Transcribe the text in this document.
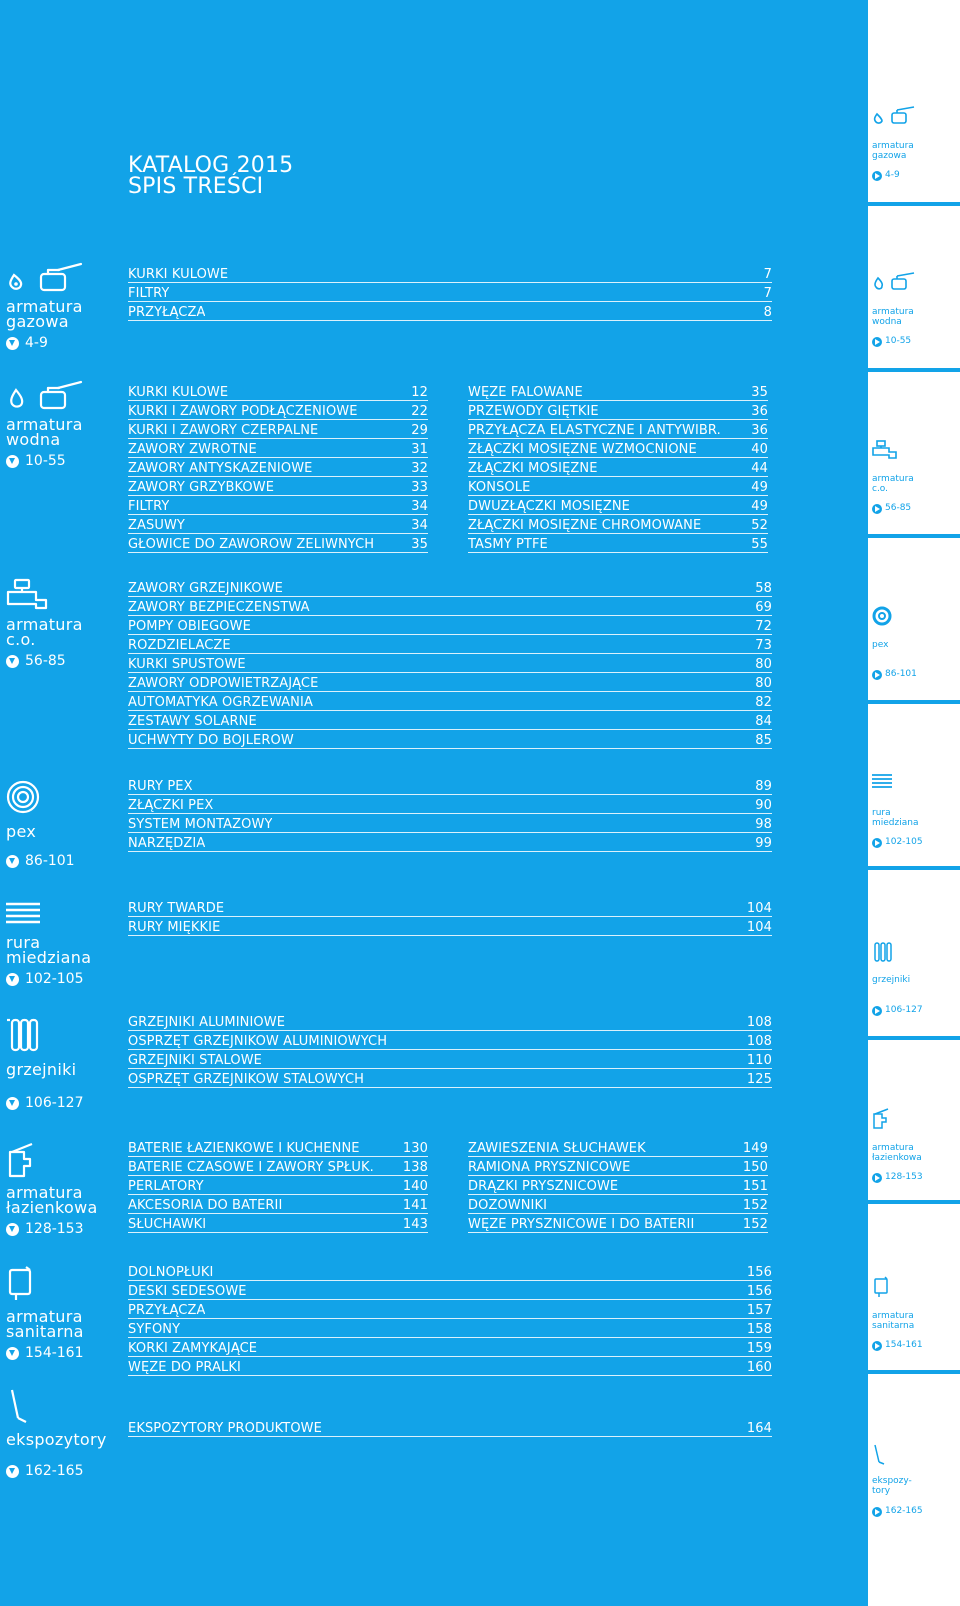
KATALOG 2015
SPIS TREŚCI
armatura
gazowa
4-9
armatura
wodna
10-55
armatura
c.o.
56-85
pex
86-101
rura
miedziana
102-105
grzejniki
106-127
armatura
łazienkowa
128-153
armatura
sanitarna
154-161
ekspozytory
162-165
KURKI KULOWE	7
FILTRY	7
PRZYŁĄCZA	8
KURKI KULOWE	12
KURKI I ZAWORY PODŁĄCZENIOWE	22
KURKI I ZAWORY CZERPALNE	29
ZAWORY ZWROTNE	31
ZAWORY ANTYSKAŻENIOWE	32
ZAWORY GRZYBKOWE	33
FILTRY	34
ZASUWY	34
GŁOWICE DO ZAWORÓW ŻELIWNYCH	35
WĘŻE FALOWANE	35
PRZEWODY GIĘTKIE	36
PRZYŁĄCZA ELASTYCZNE I ANTYWIBR. 36
ZŁĄCZKI MOSIĘŻNE WZMOCNIONE	40
ZŁĄCZKI MOSIĘŻNE	44
KONSOLE	49
DWUZŁĄCZKI MOSIĘŻNE	49
ZŁĄCZKI MOSIĘŻNE CHROMOWANE	52
TAŚMY PTFE	55
ZAWORY GRZEJNIKOWE	58
ZAWORY BEZPIECZEŃSTWA	69
POMPY OBIEGOWE	72
ROZDZIELACZE	73
KURKI SPUSTOWE	80
ZAWORY ODPOWIETRZAJĄCE	80
AUTOMATYKA OGRZEWANIA	82
ZESTAWY SOLARNE	84
UCHWYTY DO BOJLERÓW	85
RURY PEX	89
ZŁĄCZKI PEX	90
SYSTEM MONTAŻOWY	98
NARZĘDZIA	99
RURY TWARDE	104
RURY MIĘKKIE	104
GRZEJNIKI ALUMINIOWE	108
OSPRZĘT GRZEJNIKÓW ALUMINIOWYCH	108
GRZEJNIKI STALOWE	110
OSPRZĘT GRZEJNIKÓW STALOWYCH	125
BATERIE ŁAZIENKOWE I KUCHENNE	130
BATERIE CZASOWE I ZAWORY SPŁUK. 138
PERLATORY	140
AKCESORIA DO BATERII	141
SŁUCHAWKI	143
ZAWIESZENIA SŁUCHAWEK	149
RAMIONA PRYSZNICOWE	150
DRĄŻKI PRYSZNICOWE	151
DOZOWNIKI	152
WĘŻE PRYSZNICOWE I DO BATERII	152
DOLNOPŁUKI	156
DESKI SEDESOWE	156
PRZYŁĄCZA	157
SYFONY	158
KORKI ZAMYKAJĄCE	159
WĘŻE DO PRALKI	160
EKSPOZYTORY PRODUKTOWE	164
armatura
gazowa
4-9
armatura
wodna
10-55
armatura
c.o.
56-85
pex
86-101
rura
miedziana
102-105
grzejniki
106-127
armatura
łazienkowa
128-153
armatura
sanitarna
154-161
ekspozy-
tory
162-165
